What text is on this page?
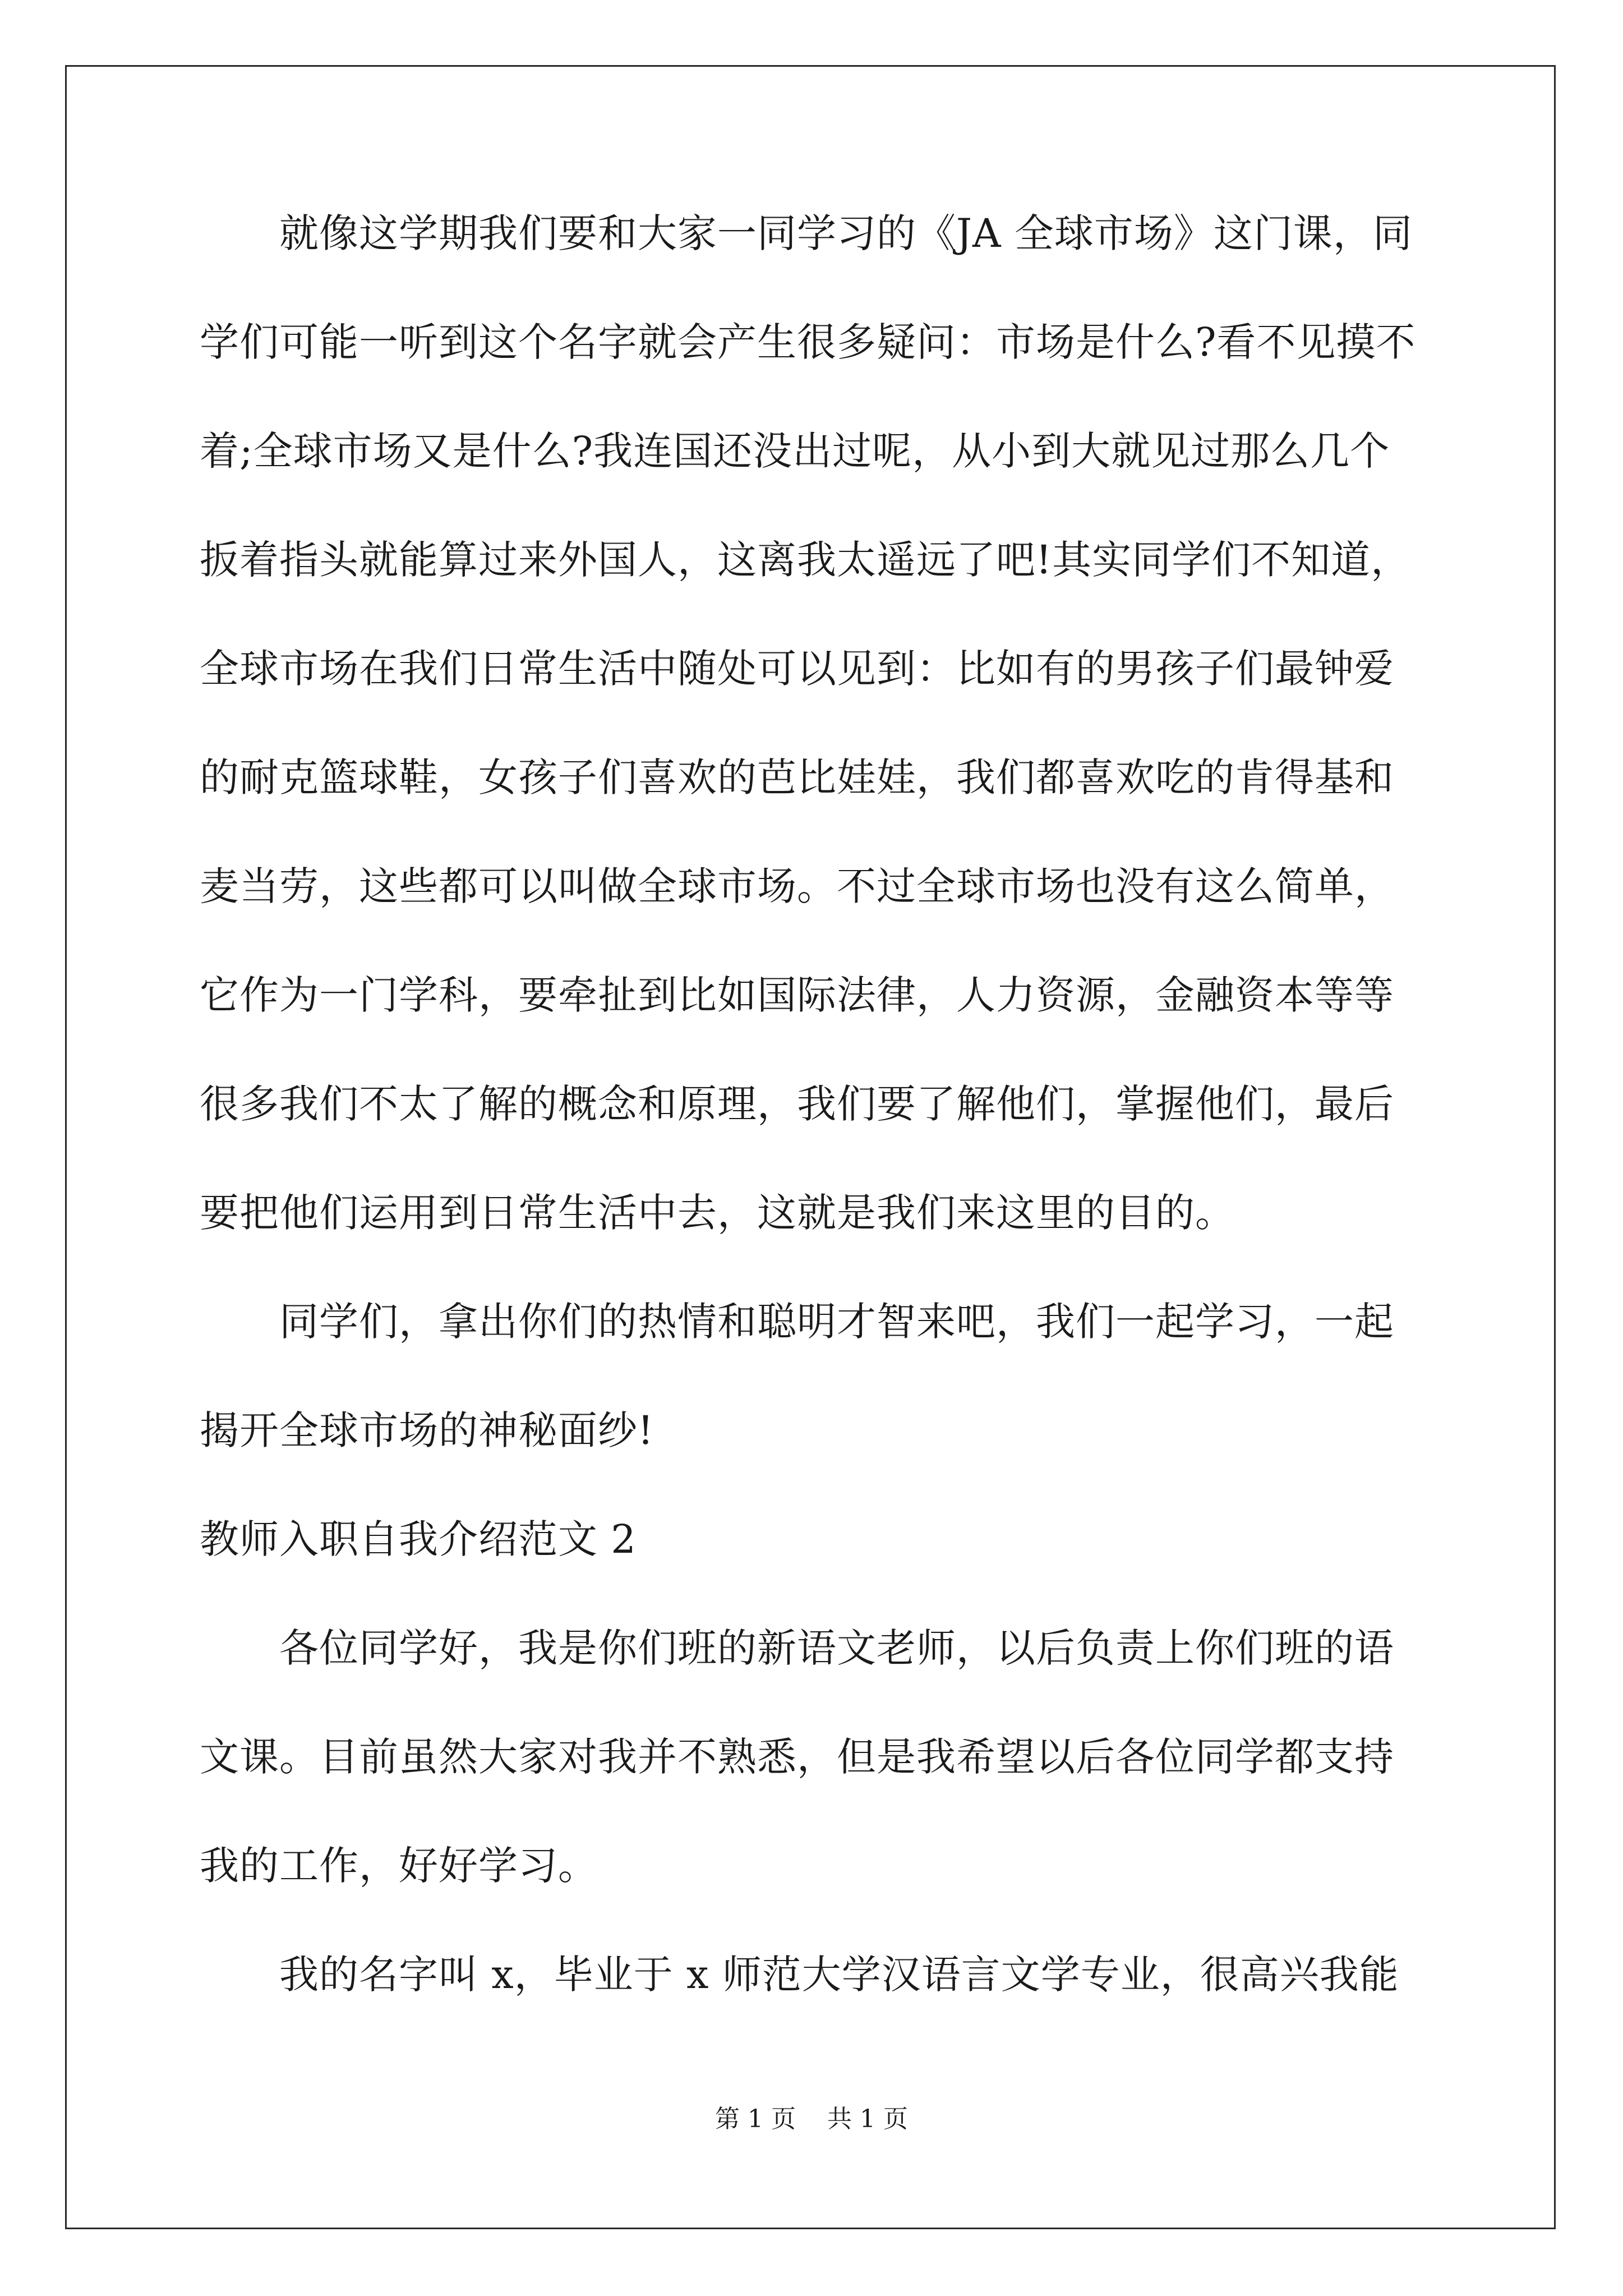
　　就像这学期我们要和大家一同学习的《JA 全球市场》这门课，同
学们可能一听到这个名字就会产生很多疑问：市场是什么?看不见摸不
着;全球市场又是什么?我连国还没出过呢，从小到大就见过那么几个
扳着指头就能算过来外国人，这离我太遥远了吧!其实同学们不知道，
全球市场在我们日常生活中随处可以见到：比如有的男孩子们最钟爱
的耐克篮球鞋，女孩子们喜欢的芭比娃娃，我们都喜欢吃的肯得基和
麦当劳，这些都可以叫做全球市场。不过全球市场也没有这么简单，
它作为一门学科，要牵扯到比如国际法律，人力资源，金融资本等等
很多我们不太了解的概念和原理，我们要了解他们，掌握他们，最后
要把他们运用到日常生活中去，这就是我们来这里的目的。
　　同学们，拿出你们的热情和聪明才智来吧，我们一起学习，一起
揭开全球市场的神秘面纱!
教师入职自我介绍范文 2
　　各位同学好，我是你们班的新语文老师，以后负责上你们班的语
文课。目前虽然大家对我并不熟悉，但是我希望以后各位同学都支持
我的工作，好好学习。
　　我的名字叫 x，毕业于 x 师范大学汉语言文学专业，很高兴我能
第 1 页    共 1 页
